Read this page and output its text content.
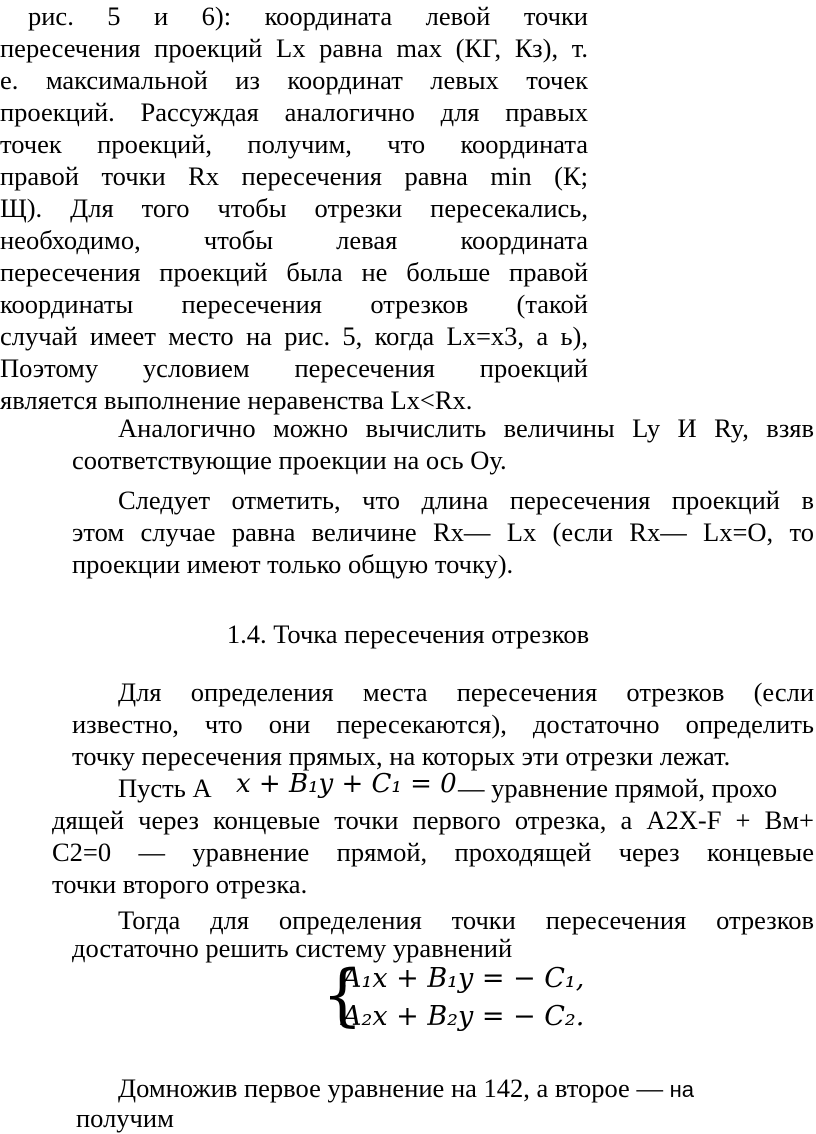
рис. 5 и 6): координата левой точки

пересечения проекций Lx равна max (КГ, Кз), т.

е. максимальной из координат левых точек

проекций. Рассуждая аналогично для правых

точек проекций, получим, что координата

правой точки Rx пересечения равна min (К;

Щ). Для того чтобы отрезки пересекались,

необходимо, чтобы левая координата

пересечения проекций была не больше правой

координаты пересечения отрезков (такой

случай имеет место на рис. 5, когда Lx=x3, а ь),

Поэтому условием пересечения проекций

является выполнение неравенства Lx<Rx.

Аналогично можно вычислить величины Ly И Ry, взяв

соответствующие проекции на ось Оу.

Следует отметить, что длина пересечения проекций в

этом случае равна величине Rx— Lx (если Rx— Lx=O, то

проекции имеют только общую точку).

1.4. Точка пересечения отрезков

Для определения места пересечения отрезков (если

известно, что они пересекаются), достаточно определить

точку пересечения прямых, на которых эти отрезки лежат.

Пусть А x + B₁y + C₁ = 0 — уравнение прямой, прохо

дящей через концевые точки первого отрезка, а A2X-F + Вм+

С2=0 — уравнение прямой, проходящей через концевые

точки второго отрезка.

Тогда для определения точки пересечения отрезков

достаточно решить систему уравнений

{
A₁x + B₁y = − C₁,
A₂x + B₂y = − C₂.

Домножив первое уравнение на 142, а второе — на

получим
